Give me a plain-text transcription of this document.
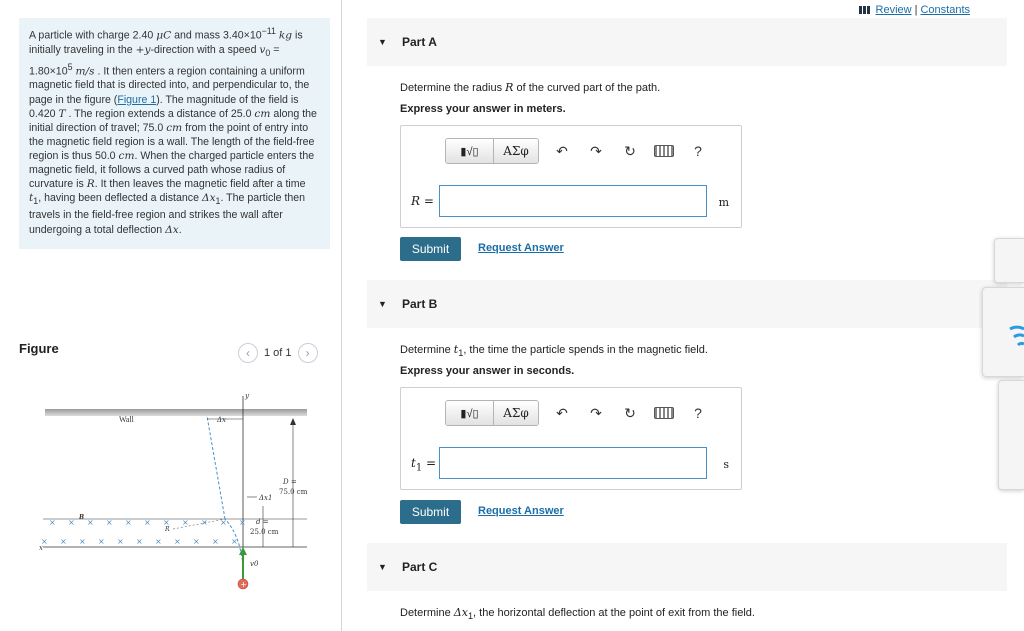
A particle with charge 2.40 μC and mass $3.40\times 10^{-11}$ kg is initially traveling in the +y-direction with a speed $v_0 = 1.80\times 10^5$ m/s . It then enters a region containing a uniform magnetic field that is directed into, and perpendicular to, the page in the figure (Figure 1). The magnitude of the field is 0.420 T . The region extends a distance of 25.0 cm along the initial direction of travel; 75.0 cm from the point of entry into the magnetic field region is a wall. The length of the field-free region is thus 50.0 cm. When the charged particle enters the magnetic field, it follows a curved path whose radius of curvature is R. It then leaves the magnetic field after a time $t_1$, having been deflected a distance $\Delta x_1$. The particle then travels in the field-free region and strikes the wall after undergoing a total deflection Δx.
Figure	‹	1 of 1	›
Wall
y
x
× × × × × × × × × × ×
× × × × × × × × × × ×
B
R
Δx
Δx1
D =
75.0 cm
d =
25.0 cm
v0
+
Review | Constants
▼	Part A
Determine the radius R of the curved part of the path.
Express your answer in meters.
▮√▯	ΑΣφ	↶	↷	↻	?
R =	m
Submit	Request Answer
▼	Part B
Determine $t_1$, the time the particle spends in the magnetic field.
Express your answer in seconds.
▮√▯	ΑΣφ	↶	↷	↻	?
$t_1$ =	s
Submit	Request Answer
▼	Part C
Determine $\Delta x_1$, the horizontal deflection at the point of exit from the field.
